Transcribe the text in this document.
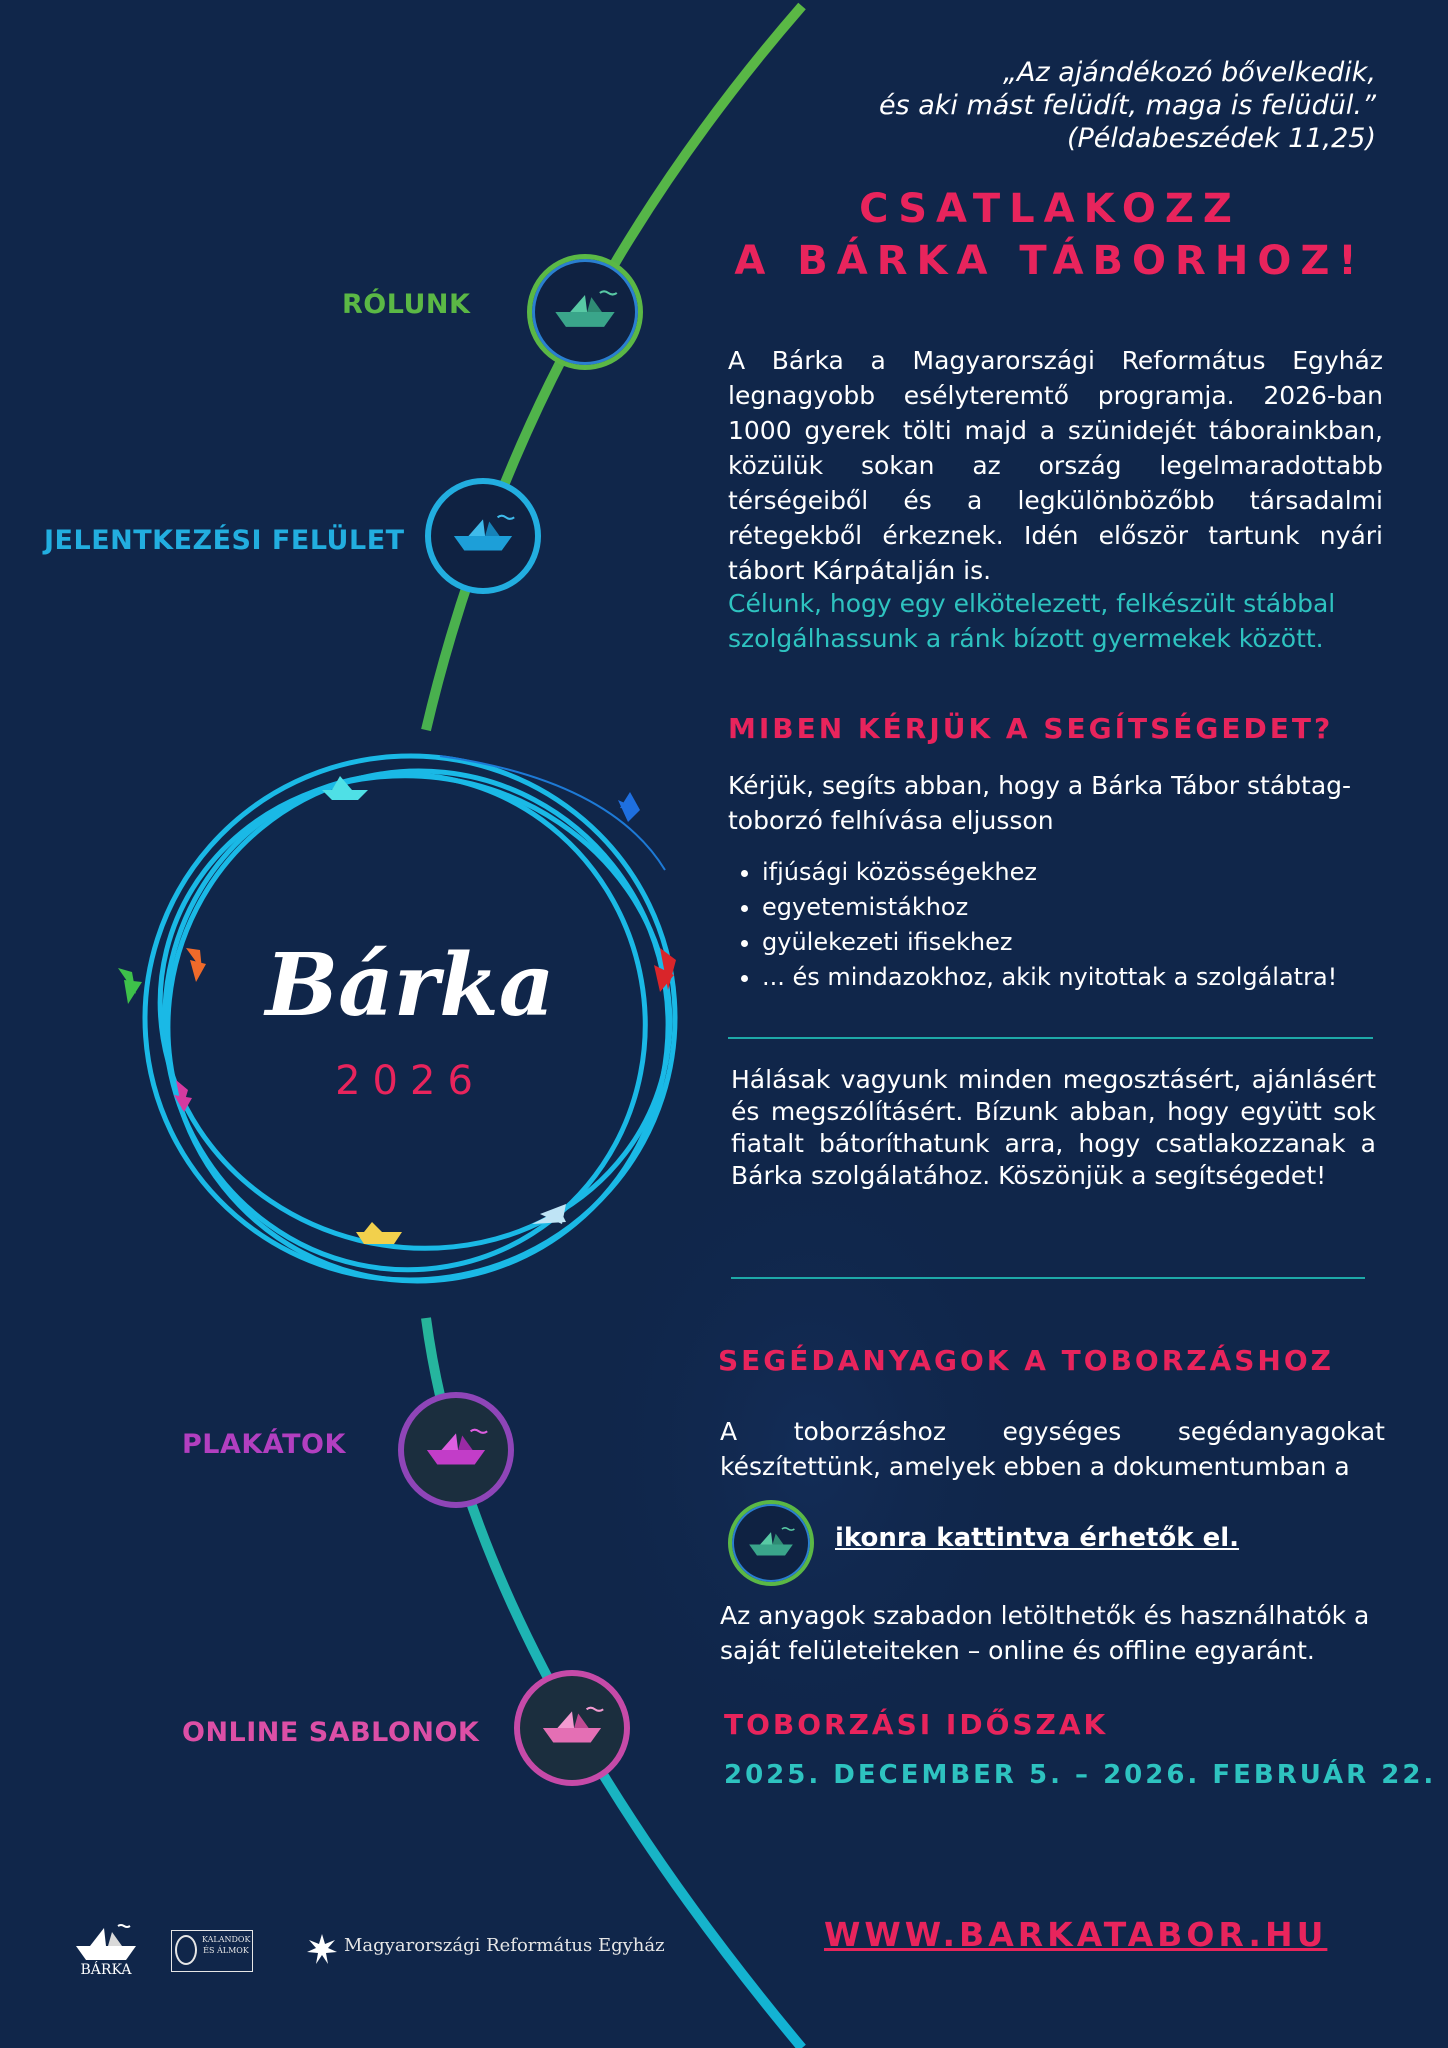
„Az ajándékozó bővelkedik,
és aki mást felüdít, maga is felüdül.”
(Példabeszédek 11,25)
CSATLAKOZZ
A BÁRKA TÁBORHOZ!
RÓLUNK
JELENTKEZÉSI FELÜLET
PLAKÁTOK
ONLINE SABLONOK
Bárka
2026
A Bárka a Magyarországi Református Egyház legnagyobb esélyteremtő programja. 2026-ban 1000 gyerek tölti majd a szünidejét táborainkban, közülük sokan az ország legelmaradottabb térségeiből és a legkülönbözőbb társadalmi rétegekből érkeznek. Idén először tartunk nyári tábort Kárpátalján is.
Célunk, hogy egy elkötelezett, felkészült stábbal szolgálhassunk a ránk bízott gyermekek között.
MIBEN KÉRJÜK A SEGÍTSÉGEDET?
Kérjük, segíts abban, hogy a Bárka Tábor stábtag-toborzó felhívása eljusson
• ifjúsági közösségekhez
• egyetemistákhoz
• gyülekezeti ifisekhez
• ... és mindazokhoz, akik nyitottak a szolgálatra!
Hálásak vagyunk minden megosztásért, ajánlásért és megszólításért. Bízunk abban, hogy együtt sok fiatalt bátoríthatunk arra, hogy csatlakozzanak a Bárka szolgálatához. Köszönjük a segítségedet!
SEGÉDANYAGOK A TOBORZÁSHOZ
A toborzáshoz egységes segédanyagokat készítettünk, amelyek ebben a dokumentumban a
ikonra kattintva érhetők el.
Az anyagok szabadon letölthetők és használhatók a saját felületeiteken – online és offline egyaránt.
TOBORZÁSI IDŐSZAK
2025. DECEMBER 5. – 2026. FEBRUÁR 22.
WWW.BARKATABOR.HU
BÁRKA
KALANDOK ÉS ÁLMOK	Magyarországi Református Egyház
